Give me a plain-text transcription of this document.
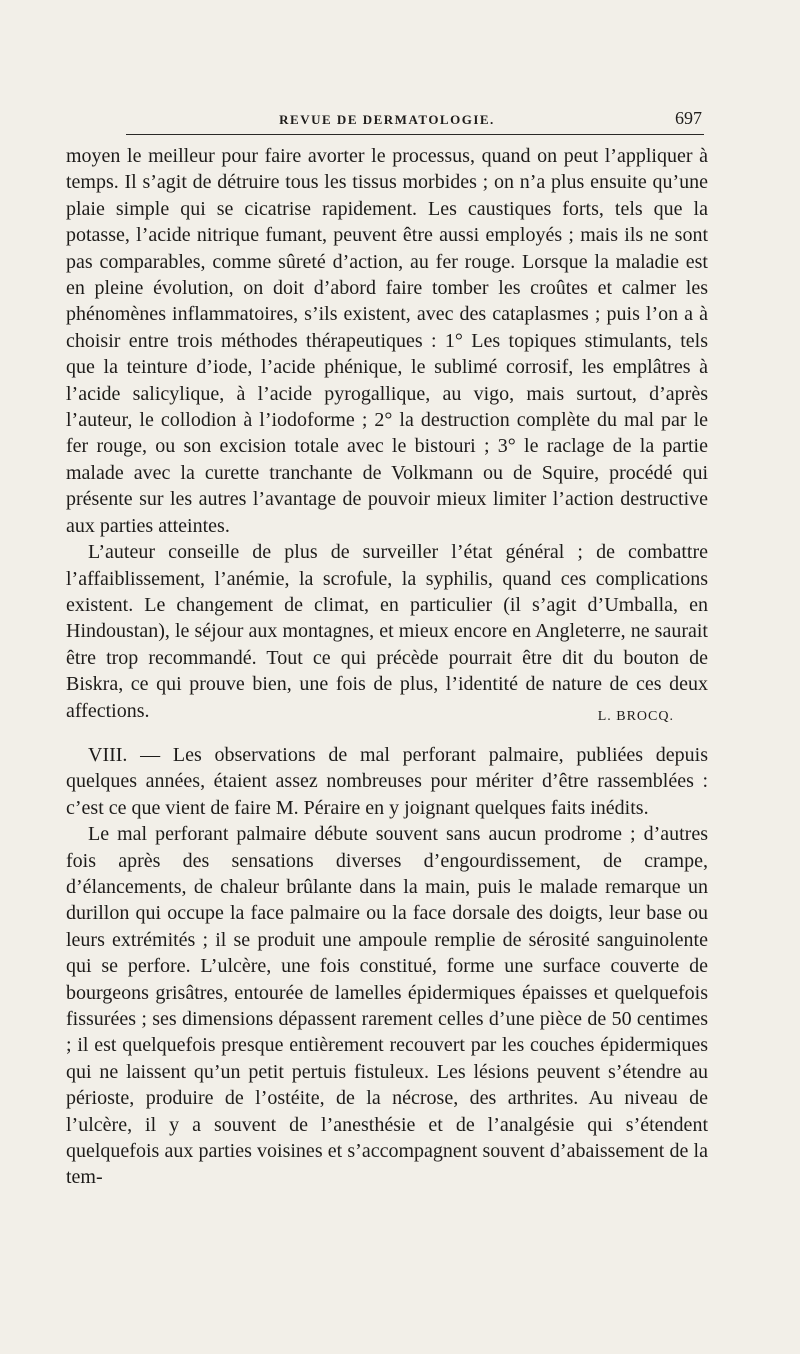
REVUE DE DERMATOLOGIE.	697

moyen le meilleur pour faire avorter le processus, quand on peut l’appliquer à temps. Il s’agit de détruire tous les tissus morbides ; on n’a plus ensuite qu’une plaie simple qui se cicatrise rapidement. Les caustiques forts, tels que la potasse, l’acide nitrique fumant, peuvent être aussi employés ; mais ils ne sont pas comparables, comme sûreté d’action, au fer rouge. Lorsque la maladie est en pleine évolution, on doit d’abord faire tomber les croûtes et calmer les phénomènes inflammatoires, s’ils existent, avec des cataplasmes ; puis l’on a à choisir entre trois méthodes thérapeutiques : 1° Les topiques stimulants, tels que la teinture d’iode, l’acide phénique, le sublimé corrosif, les emplâtres à l’acide salicylique, à l’acide pyrogallique, au vigo, mais surtout, d’après l’auteur, le collodion à l’iodoforme ; 2° la destruction complète du mal par le fer rouge, ou son excision totale avec le bistouri ; 3° le raclage de la partie malade avec la curette tranchante de Volkmann ou de Squire, procédé qui présente sur les autres l’avantage de pouvoir mieux limiter l’action destructive aux parties atteintes.

L’auteur conseille de plus de surveiller l’état général ; de combattre l’affaiblissement, l’anémie, la scrofule, la syphilis, quand ces complications existent. Le changement de climat, en particulier (il s’agit d’Umballa, en Hindoustan), le séjour aux montagnes, et mieux encore en Angleterre, ne saurait être trop recommandé. Tout ce qui précède pourrait être dit du bouton de Biskra, ce qui prouve bien, une fois de plus, l’identité de nature de ces deux affections.	L. BROCQ.

VIII. — Les observations de mal perforant palmaire, publiées depuis quelques années, étaient assez nombreuses pour mériter d’être rassemblées : c’est ce que vient de faire M. Péraire en y joignant quelques faits inédits.

Le mal perforant palmaire débute souvent sans aucun prodrome ; d’autres fois après des sensations diverses d’engourdissement, de crampe, d’élancements, de chaleur brûlante dans la main, puis le malade remarque un durillon qui occupe la face palmaire ou la face dorsale des doigts, leur base ou leurs extrémités ; il se produit une ampoule remplie de sérosité sanguinolente qui se perfore. L’ulcère, une fois constitué, forme une surface couverte de bourgeons grisâtres, entourée de lamelles épidermiques épaisses et quelquefois fissurées ; ses dimensions dépassent rarement celles d’une pièce de 50 centimes ; il est quelquefois presque entièrement recouvert par les couches épidermiques qui ne laissent qu’un petit pertuis fistuleux. Les lésions peuvent s’étendre au périoste, produire de l’ostéite, de la nécrose, des arthrites. Au niveau de l’ulcère, il y a souvent de l’anesthésie et de l’analgésie qui s’étendent quelquefois aux parties voisines et s’accompagnent souvent d’abaissement de la tem-
